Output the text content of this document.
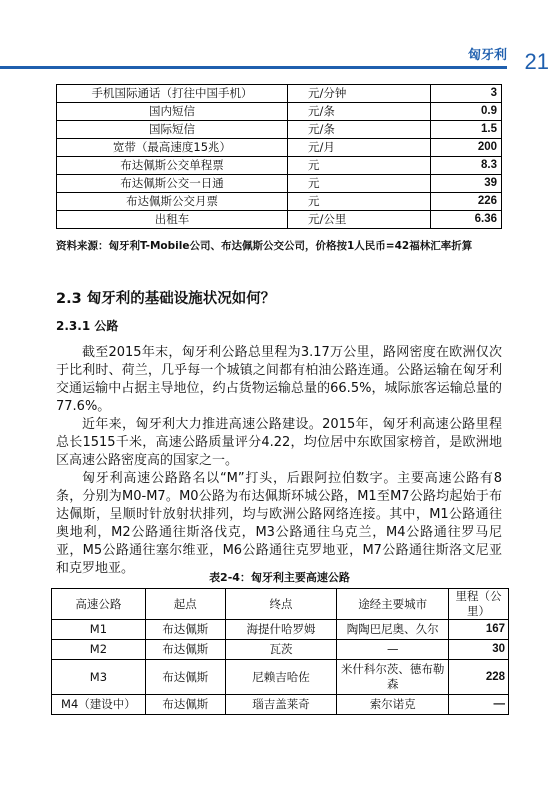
匈牙利 21
手机国际通话（打往中国手机）	元/分钟	3
国内短信	元/条	0.9
国际短信	元/条	1.5
宽带（最高速度15兆）	元/月	200
布达佩斯公交单程票	元	8.3
布达佩斯公交一日通	元	39
布达佩斯公交月票	元	226
出租车	元/公里	6.36
资料来源：匈牙利T-Mobile公司、布达佩斯公交公司，价格按1人民币=42福林汇率折算
2.3 匈牙利的基础设施状况如何？
2.3.1 公路

截至2015年末，匈牙利公路总里程为3.17万公里，路网密度在欧洲仅次于比利时、荷兰，几乎每一个城镇之间都有柏油公路连通。公路运输在匈牙利交通运输中占据主导地位，约占货物运输总量的66.5%，城际旅客运输总量的77.6%。

近年来，匈牙利大力推进高速公路建设。2015年，匈牙利高速公路里程总长1515千米，高速公路质量评分4.22，均位居中东欧国家榜首，是欧洲地区高速公路密度高的国家之一。

匈牙利高速公路路名以“M”打头，后跟阿拉伯数字。主要高速公路有8条，分别为M0-M7。M0公路为布达佩斯环城公路，M1至M7公路均起始于布达佩斯，呈顺时针放射状排列，均与欧洲公路网络连接。其中，M1公路通往奥地利，M2公路通往斯洛伐克，M3公路通往乌克兰，M4公路通往罗马尼亚，M5公路通往塞尔维亚，M6公路通往克罗地亚，M7公路通往斯洛文尼亚和克罗地亚。

表2-4：匈牙利主要高速公路
高速公路	起点	终点	途经主要城市	里程（公里）
M1	布达佩斯	海提什哈罗姆	陶陶巴尼奥、久尔	167
M2	布达佩斯	瓦茨	—	30
M3	布达佩斯	尼赖吉哈佐	米什科尔茨、德布勒森	228
M4（建设中）	布达佩斯	瑙吉盖莱奇	索尔诺克	—
